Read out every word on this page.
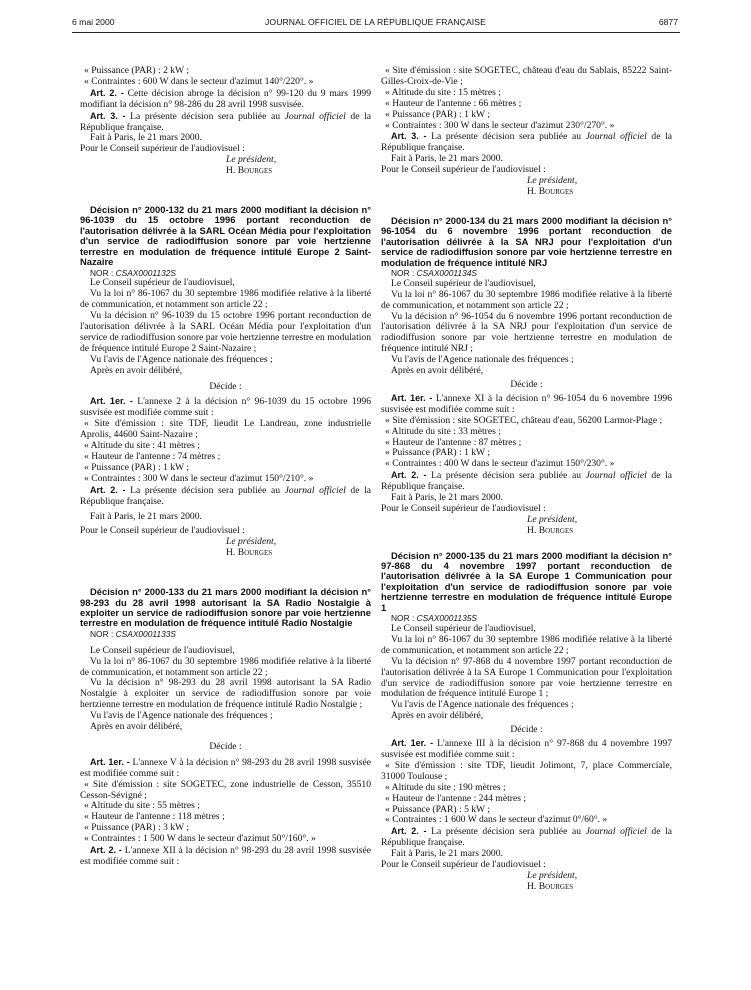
6 mai 2000	JOURNAL OFFICIEL DE LA RÉPUBLIQUE FRANÇAISE	6877

« Puissance (PAR) : 2 kW ;

« Contraintes : 600 W dans le secteur d'azimut 140°/220°. »

Art. 2. - Cette décision abroge la décision n° 99-120 du 9 mars 1999 modifiant la décision n° 98-286 du 28 avril 1998 susvisée.

Art. 3. - La présente décision sera publiée au Journal officiel de la République française.

Fait à Paris, le 21 mars 2000.

Pour le Conseil supérieur de l'audiovisuel :

Le président,

H. Bourges

Décision n° 2000-132 du 21 mars 2000 modifiant la décision n° 96-1039 du 15 octobre 1996 portant reconduction de l'autorisation délivrée à la SARL Océan Média pour l'exploitation d'un service de radiodiffusion sonore par voie hertzienne terrestre en modulation de fréquence intitulé Europe 2 Saint-Nazaire

NOR : CSAX0001132S

Le Conseil supérieur de l'audiovisuel,

Vu la loi n° 86-1067 du 30 septembre 1986 modifiée relative à la liberté de communication, et notamment son article 22 ;

Vu la décision n° 96-1039 du 15 octobre 1996 portant reconduction de l'autorisation délivrée à la SARL Océan Média pour l'exploitation d'un service de radiodiffusion sonore par voie hertzienne terrestre en modulation de fréquence intitulé Europe 2 Saint-Nazaire ;

Vu l'avis de l'Agence nationale des fréquences ;

Après en avoir délibéré,

Décide :

Art. 1er. - L'annexe 2 à la décision n° 96-1039 du 15 octobre 1996 susvisée est modifiée comme suit :

« Site d'émission : site TDF, lieudit Le Landreau, zone industrielle Aprolis, 44600 Saint-Nazaire ;

« Altitude du site : 41 mètres ;

« Hauteur de l'antenne : 74 mètres ;

« Puissance (PAR) : 1 kW ;

« Contraintes : 300 W dans le secteur d'azimut 150°/210°. »

Art. 2. - La présente décision sera publiée au Journal officiel de la République française.

Fait à Paris, le 21 mars 2000.

Pour le Conseil supérieur de l'audiovisuel :

Le président,

H. Bourges

Décision n° 2000-133 du 21 mars 2000 modifiant la décision n° 98-293 du 28 avril 1998 autorisant la SA Radio Nostalgie à exploiter un service de radiodiffusion sonore par voie hertzienne terrestre en modulation de fréquence intitulé Radio Nostalgie

NOR : CSAX0001133S

Le Conseil supérieur de l'audiovisuel,

Vu la loi n° 86-1067 du 30 septembre 1986 modifiée relative à la liberté de communication, et notamment son article 22 ;

Vu la décision n° 98-293 du 28 avril 1998 autorisant la SA Radio Nostalgie à exploiter un service de radiodiffusion sonore par voie hertzienne terrestre en modulation de fréquence intitulé Radio Nostalgie ;

Vu l'avis de l'Agence nationale des fréquences ;

Après en avoir délibéré,

Décide :

Art. 1er. - L'annexe V à la décision n° 98-293 du 28 avril 1998 susvisée est modifiée comme suit :

« Site d'émission : site SOGETEC, zone industrielle de Cesson, 35510 Cesson-Sévigné ;

« Altitude du site : 55 mètres ;

« Hauteur de l'antenne : 118 mètres ;

« Puissance (PAR) : 3 kW ;

« Contraintes : 1 500 W dans le secteur d'azimut 50°/160°. »

Art. 2. - L'annexe XII à la décision n° 98-293 du 28 avril 1998 susvisée est modifiée comme suit :

« Site d'émission : site SOGETEC, château d'eau du Sablais, 85222 Saint-Gilles-Croix-de-Vie ;

« Altitude du site : 15 mètres ;

« Hauteur de l'antenne : 66 mètres ;

« Puissance (PAR) : 1 kW ;

« Contraintes : 300 W dans le secteur d'azimut 230°/270°. »

Art. 3. - La présente décision sera publiée au Journal officiel de la République française.

Fait à Paris, le 21 mars 2000.

Pour le Conseil supérieur de l'audiovisuel :

Le président,

H. Bourges

Décision n° 2000-134 du 21 mars 2000 modifiant la décision n° 96-1054 du 6 novembre 1996 portant reconduction de l'autorisation délivrée à la SA NRJ pour l'exploitation d'un service de radiodiffusion sonore par voie hertzienne terrestre en modulation de fréquence intitulé NRJ

NOR : CSAX0001134S

Le Conseil supérieur de l'audiovisuel,

Vu la loi n° 86-1067 du 30 septembre 1986 modifiée relative à la liberté de communication, et notamment son article 22 ;

Vu la décision n° 96-1054 du 6 novembre 1996 portant reconduction de l'autorisation délivrée à la SA NRJ pour l'exploitation d'un service de radiodiffusion sonore par voie hertzienne terrestre en modulation de fréquence intitulé NRJ ;

Vu l'avis de l'Agence nationale des fréquences ;

Après en avoir délibéré,

Décide :

Art. 1er. - L'annexe XI à la décision n° 96-1054 du 6 novembre 1996 susvisée est modifiée comme suit :

« Site d'émission : site SOGETEC, château d'eau, 56200 Larmor-Plage ;

« Altitude du site : 33 mètres ;

« Hauteur de l'antenne : 87 mètres ;

« Puissance (PAR) : 1 kW ;

« Contraintes : 400 W dans le secteur d'azimut 150°/230°. »

Art. 2. - La présente décision sera publiée au Journal officiel de la République française.

Fait à Paris, le 21 mars 2000.

Pour le Conseil supérieur de l'audiovisuel :

Le président,

H. Bourges

Décision n° 2000-135 du 21 mars 2000 modifiant la décision n° 97-868 du 4 novembre 1997 portant reconduction de l'autorisation délivrée à la SA Europe 1 Communication pour l'exploitation d'un service de radiodiffusion sonore par voie hertzienne terrestre en modulation de fréquence intitulé Europe 1

NOR : CSAX0001135S

Le Conseil supérieur de l'audiovisuel,

Vu la loi n° 86-1067 du 30 septembre 1986 modifiée relative à la liberté de communication, et notamment son article 22 ;

Vu la décision n° 97-868 du 4 novembre 1997 portant reconduction de l'autorisation délivrée à la SA Europe 1 Communication pour l'exploitation d'un service de radiodiffusion sonore par voie hertzienne terrestre en modulation de fréquence intitulé Europe 1 ;

Vu l'avis de l'Agence nationale des fréquences ;

Après en avoir délibéré,

Décide :

Art. 1er. - L'annexe III à la décision n° 97-868 du 4 novembre 1997 susvisée est modifiée comme suit :

« Site d'émission : site TDF, lieudit Jolimont, 7, place Commerciale, 31000 Toulouse ;

« Altitude du site : 190 mètres ;

« Hauteur de l'antenne : 244 mètres ;

« Puissance (PAR) : 5 kW ;

« Contraintes : 1 600 W dans le secteur d'azimut 0°/60°. »

Art. 2. - La présente décision sera publiée au Journal officiel de la République française.

Fait à Paris, le 21 mars 2000.

Pour le Conseil supérieur de l'audiovisuel :

Le président,

H. Bourges
